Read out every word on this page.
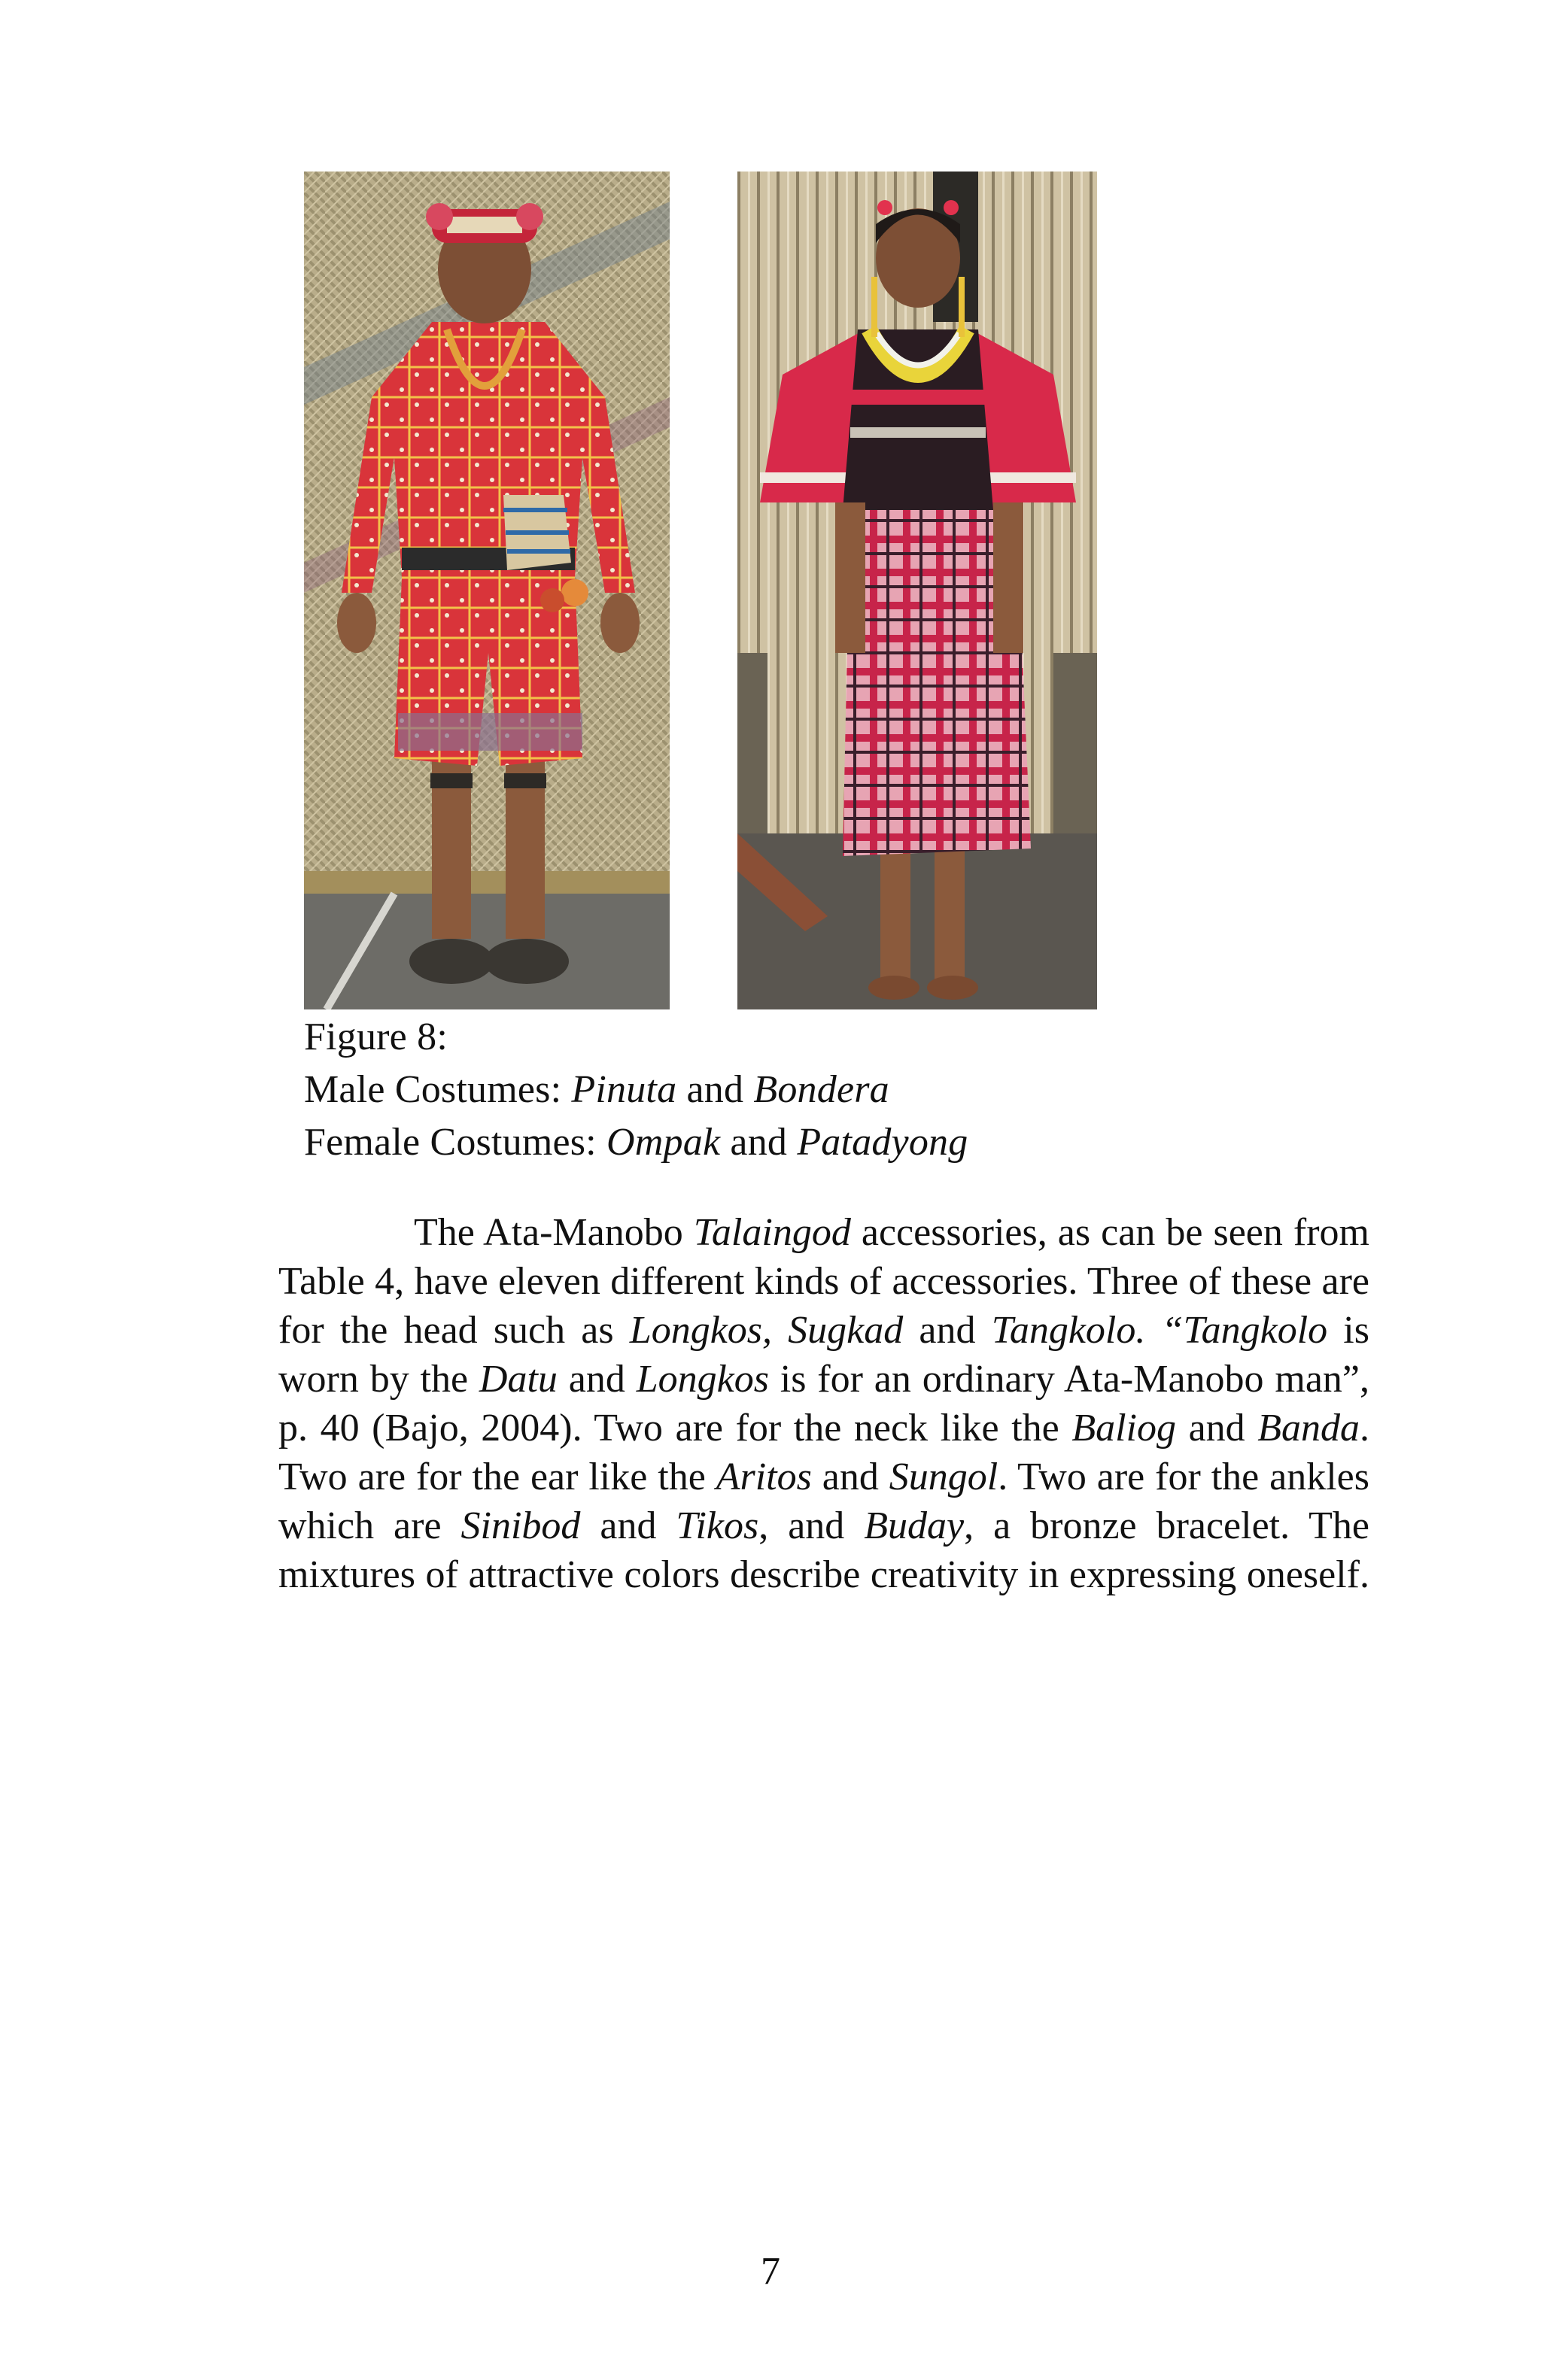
Figure 8:
Male Costumes: Pinuta and Bondera
Female Costumes: Ompak and Patadyong
The Ata-Manobo Talaingod accessories, as can be seen from Table 4, have eleven different kinds of accessories. Three of these are for the head such as Longkos, Sugkad and Tangkolo. “Tangkolo is worn by the Datu and Longkos is for an ordinary Ata-Manobo man”, p. 40 (Bajo, 2004). Two are for the neck like the Baliog and Banda. Two are for the ear like the Aritos and Sungol. Two are for the ankles which are Sinibod and Tikos, and Buday, a bronze bracelet. The mixtures of attractive colors describe creativity in expressing oneself.
7
